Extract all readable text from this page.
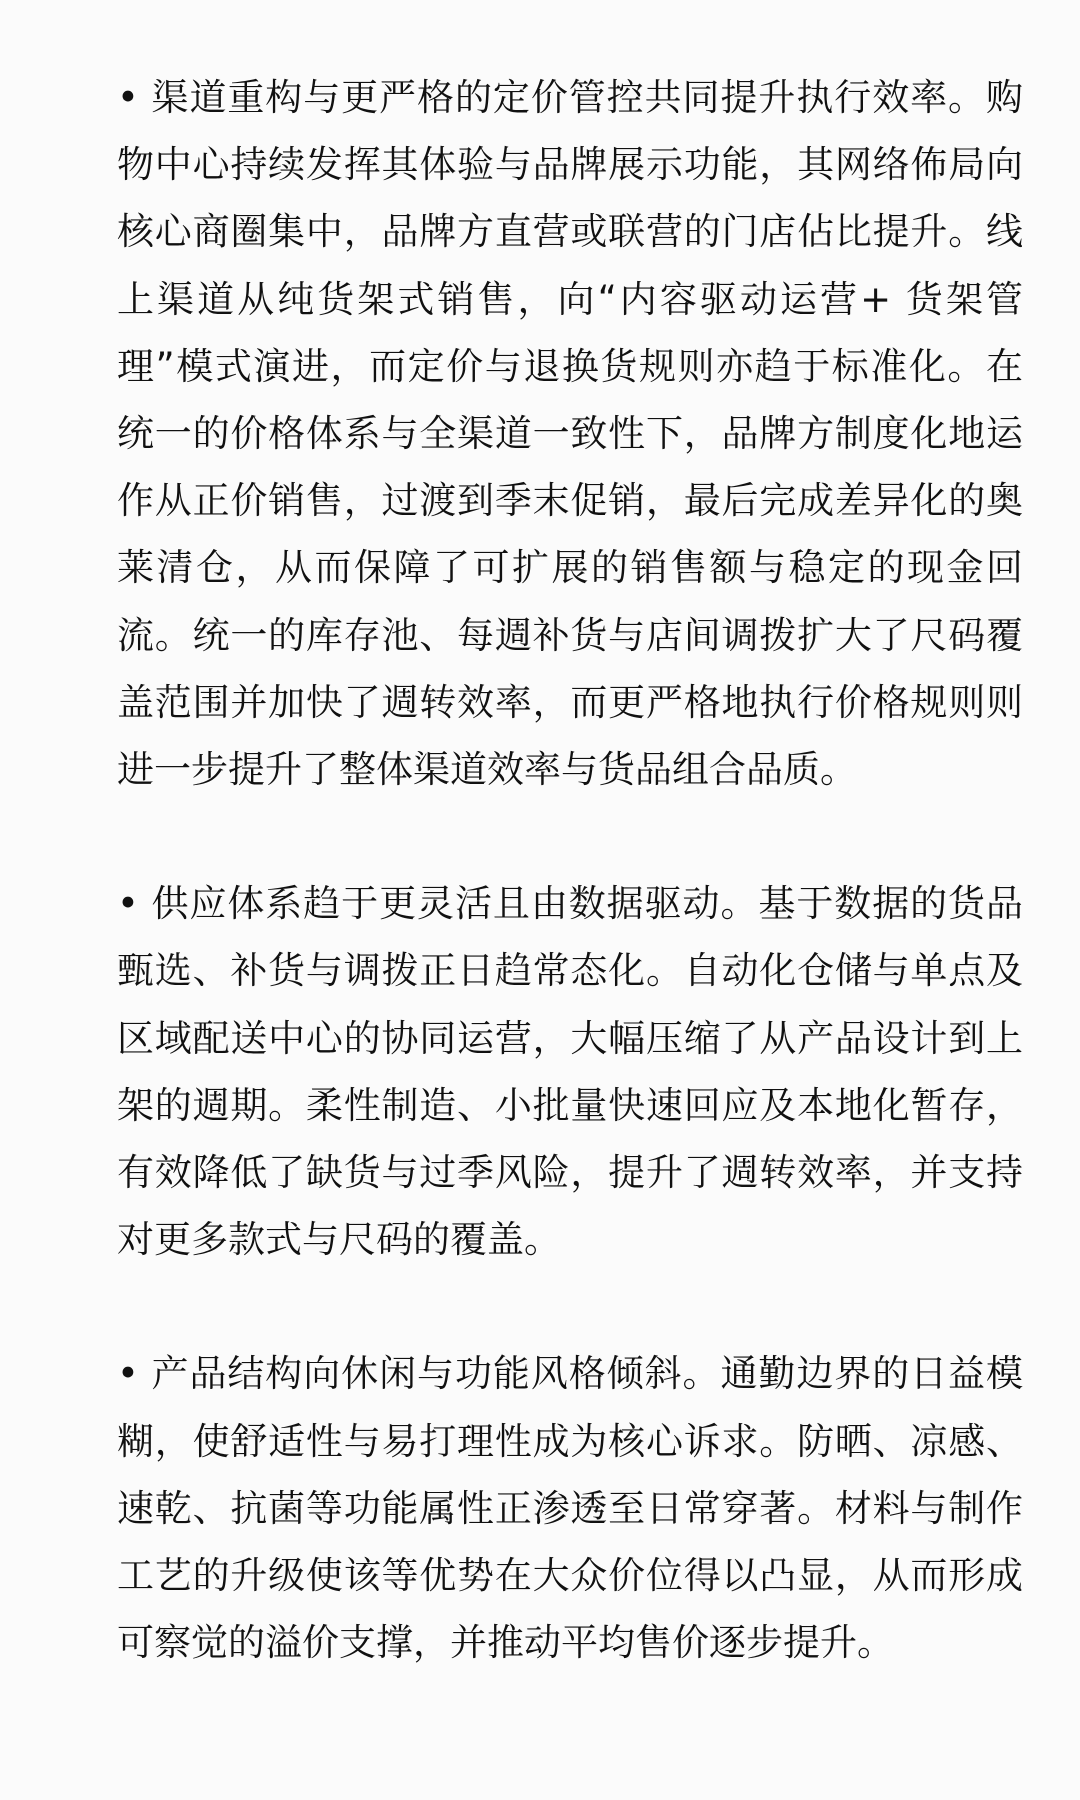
• 渠道重构与更严格的定价管控共同提升执行效率。购物中心持续发挥其体验与品牌展示功能，其网络佈局向核心商圈集中，品牌方直营或联营的门店佔比提升。线上渠道从纯货架式销售，向“内容驱动运营+ 货架管理”模式演进，而定价与退换货规则亦趋于标准化。在统一的价格体系与全渠道一致性下，品牌方制度化地运作从正价销售，过渡到季末促销，最后完成差异化的奥莱清仓，从而保障了可扩展的销售额与稳定的现金回流。统一的库存池、每週补货与店间调拨扩大了尺码覆盖范围并加快了週转效率，而更严格地执行价格规则则进一步提升了整体渠道效率与货品组合品质。

• 供应体系趋于更灵活且由数据驱动。基于数据的货品甄选、补货与调拨正日趋常态化。自动化仓储与单点及区域配送中心的协同运营，大幅压缩了从产品设计到上架的週期。柔性制造、小批量快速回应及本地化暂存，有效降低了缺货与过季风险，提升了週转效率，并支持对更多款式与尺码的覆盖。

• 产品结构向休闲与功能风格倾斜。通勤边界的日益模糊，使舒适性与易打理性成为核心诉求。防晒、凉感、速乾、抗菌等功能属性正渗透至日常穿著。材料与制作工艺的升级使该等优势在大众价位得以凸显，从而形成可察觉的溢价支撑，并推动平均售价逐步提升。
